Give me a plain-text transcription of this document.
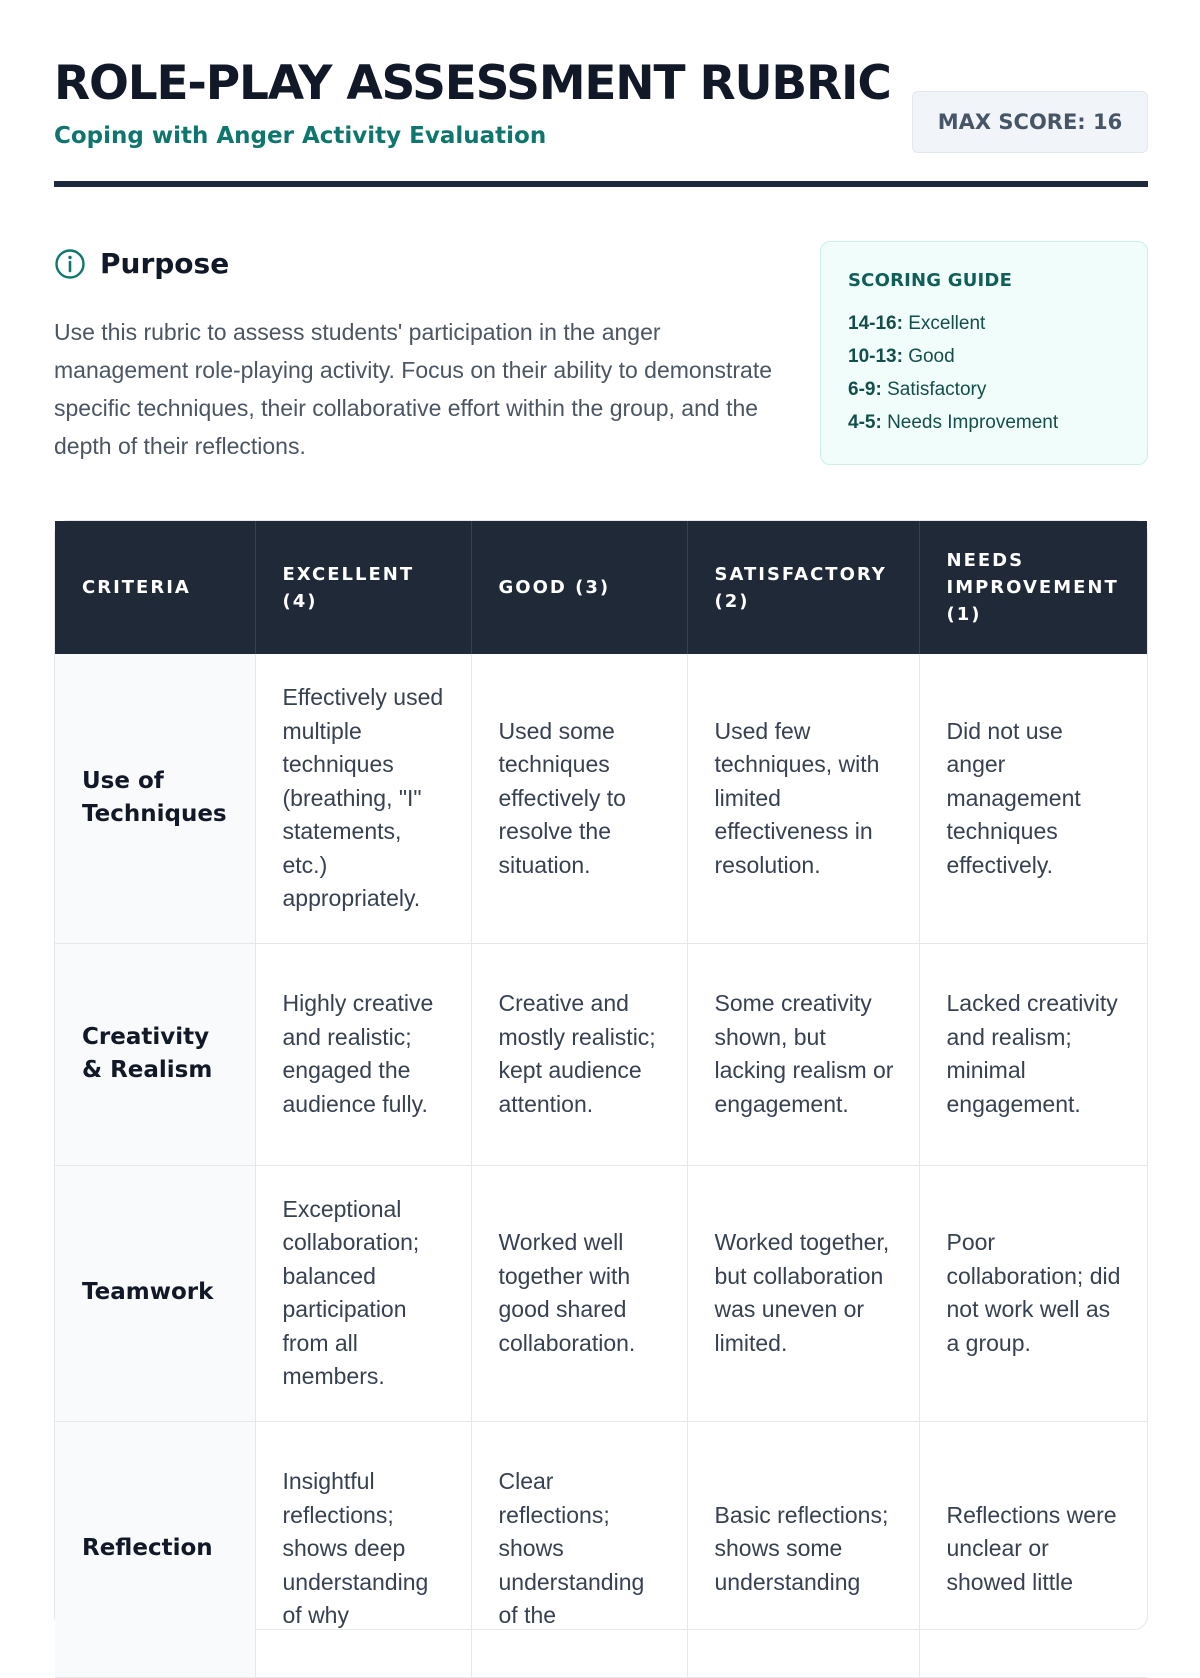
ROLE-PLAY ASSESSMENT RUBRIC
Coping with Anger Activity Evaluation
MAX SCORE: 16
Purpose
Use this rubric to assess students' participation in the anger management role-playing activity. Focus on their ability to demonstrate specific techniques, their collaborative effort within the group, and the depth of their reflections.
SCORING GUIDE
14-16: Excellent
10-13: Good
6-9: Satisfactory
4-5: Needs Improvement
CRITERIA	EXCELLENT (4)	GOOD (3)	SATISFACTORY (2)	NEEDS IMPROVEMENT (1)
Use of Techniques	Effectively used multiple techniques (breathing, "I" statements, etc.) appropriately.	Used some techniques effectively to resolve the situation.	Used few techniques, with limited effectiveness in resolution.	Did not use anger management techniques effectively.
Creativity & Realism	Highly creative and realistic; engaged the audience fully.	Creative and mostly realistic; kept audience attention.	Some creativity shown, but lacking realism or engagement.	Lacked creativity and realism; minimal engagement.
Teamwork	Exceptional collaboration; balanced participation from all members.	Worked well together with good shared collaboration.	Worked together, but collaboration was uneven or limited.	Poor collaboration; did not work well as a group.
Reflection	Insightful reflections; shows deep understanding of why	Clear reflections; shows understanding of the	Basic reflections; shows some understanding	Reflections were unclear or showed little
